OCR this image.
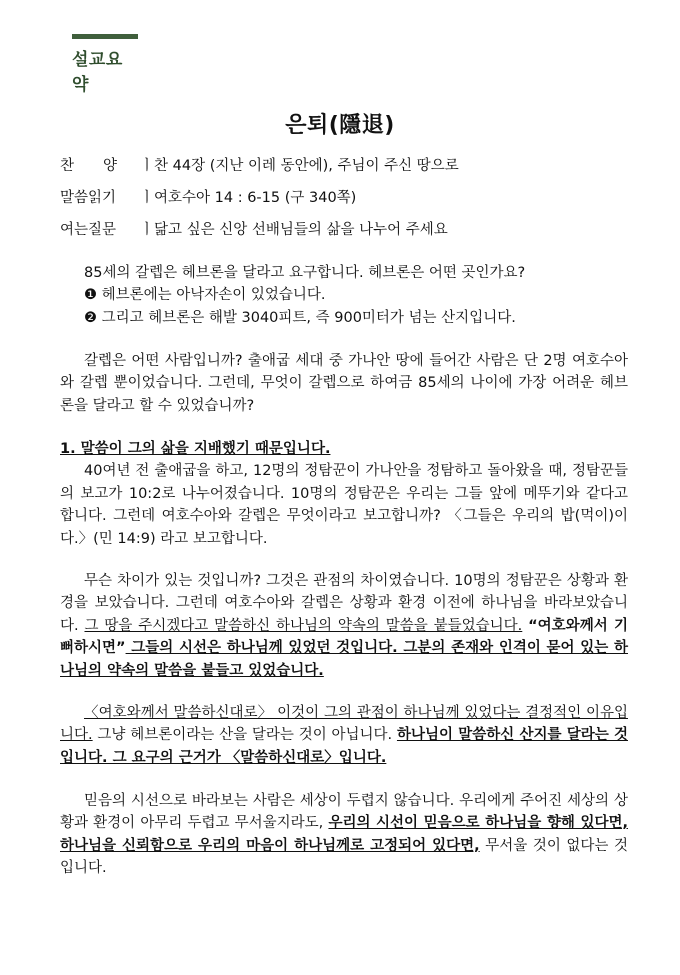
설교요약
은퇴(隱退)
찬     양 ㅣ찬 44장 (지난 이레 동안에), 주님이 주신 땅으로
말씀읽기 ㅣ여호수아 14 : 6-15 (구 340쪽)
여는질문 ㅣ닮고 싶은 신앙 선배님들의 삶을 나누어 주세요

85세의 갈렙은 헤브론을 달라고 요구합니다. 헤브론은 어떤 곳인가요?

❶ 헤브론에는 아낙자손이 있었습니다.

❷ 그리고 헤브론은 해발 3040피트, 즉 900미터가 넘는 산지입니다.

갈렙은 어떤 사람입니까? 출애굽 세대 중 가나안 땅에 들어간 사람은 단 2명 여호수아와 갈렙 뿐이었습니다. 그런데, 무엇이 갈렙으로 하여금 85세의 나이에 가장 어려운 헤브론을 달라고 할 수 있었습니까?

1. 말씀이 그의 삶을 지배했기 때문입니다.

40여년 전 출애굽을 하고, 12명의 정탐꾼이 가나안을 정탐하고 돌아왔을 때, 정탐꾼들의 보고가 10:2로 나누어졌습니다. 10명의 정탐꾼은 우리는 그들 앞에 메뚜기와 같다고 합니다. 그런데 여호수아와 갈렙은 무엇이라고 보고합니까? 〈그들은 우리의 밥(먹이)이다.〉(민 14:9) 라고 보고합니다.

무슨 차이가 있는 것입니까? 그것은 관점의 차이였습니다. 10명의 정탐꾼은 상황과 환경을 보았습니다. 그런데 여호수아와 갈렙은 상황과 환경 이전에 하나님을 바라보았습니다. 그 땅을 주시겠다고 말씀하신 하나님의 약속의 말씀을 붙들었습니다. “여호와께서 기뻐하시면” 그들의 시선은 하나님께 있었던 것입니다. 그분의 존재와 인격이 묻어 있는 하나님의 약속의 말씀을 붙들고 있었습니다.

〈여호와께서 말씀하신대로〉 이것이 그의 관점이 하나님께 있었다는 결정적인 이유입니다. 그냥 헤브론이라는 산을 달라는 것이 아닙니다. 하나님이 말씀하신 산지를 달라는 것입니다. 그 요구의 근거가 〈말씀하신대로〉입니다.

믿음의 시선으로 바라보는 사람은 세상이 두렵지 않습니다. 우리에게 주어진 세상의 상황과 환경이 아무리 두렵고 무서울지라도, 우리의 시선이 믿음으로 하나님을 향해 있다면, 하나님을 신뢰함으로 우리의 마음이 하나님께로 고정되어 있다면, 무서울 것이 없다는 것입니다.
